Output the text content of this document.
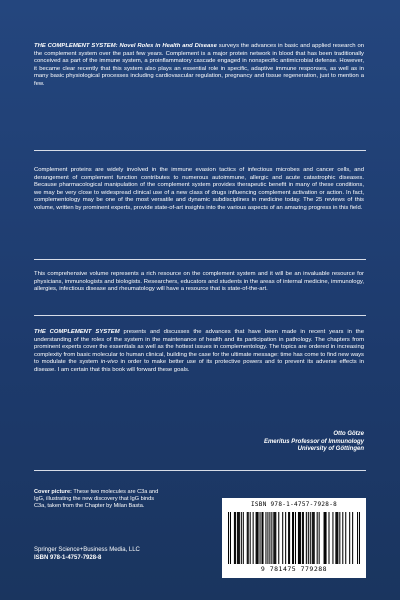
THE COMPLEMENT SYSTEM: Novel Roles in Health and Disease surveys the advances in basic and applied research on the complement system over the past few years. Complement is a major protein network in blood that has been traditionally conceived as part of the immune system, a proinflammatory cascade engaged in nonspecific antimicrobial defense. However, it became clear recently that this system also plays an essential role in specific, adaptive immune responses, as well as in many basic physiological processes including cardiovascular regulation, pregnancy and tissue regeneration, just to mention a few.

Complement proteins are widely involved in the immune evasion tactics of infectious microbes and cancer cells, and derangement of complement function contributes to numerous autoimmune, allergic and acute catastrophic diseases. Because pharmacological manipulation of the complement system provides therapeutic benefit in many of these conditions, we may be very close to widespread clinical use of a new class of drugs influencing complement activation or action. In fact, complementology may be one of the most versatile and dynamic subdisciplines in medicine today. The 25 reviews of this volume, written by prominent experts, provide state-of-art insights into the various aspects of an amazing progress in this field.

This comprehensive volume represents a rich resource on the complement system and it will be an invaluable resource for physicians, immunologists and biologists. Researchers, educators and students in the areas of internal medicine, immunology, allergies, infectious disease and rheumatology will have a resource that is state-of-the-art.

THE COMPLEMENT SYSTEM presents and discusses the advances that have been made in recent years in the understanding of the roles of the system in the maintenance of health and its participation in pathology. The chapters from prominent experts cover the essentials as well as the hottest issues in complementology. The topics are ordered in increasing complexity from basic molecular to human clinical, building the case for the ultimate message: time has come to find new ways to modulate the system in-vivo in order to make better use of its protective powers and to prevent its adverse effects in disease. I am certain that this book will forward these goals.

Otto Götze
Emeritus Professor of Immunology
University of Göttingen
Cover picture: These two molecules are C3a and IgG, illustrating the new discovery that IgG binds C3a, taken from the Chapter by Milan Basta.
Springer Science+Business Media, LLC
ISBN 978-1-4757-7928-8
ISBN 978-1-4757-7928-8
9 781475 779288
